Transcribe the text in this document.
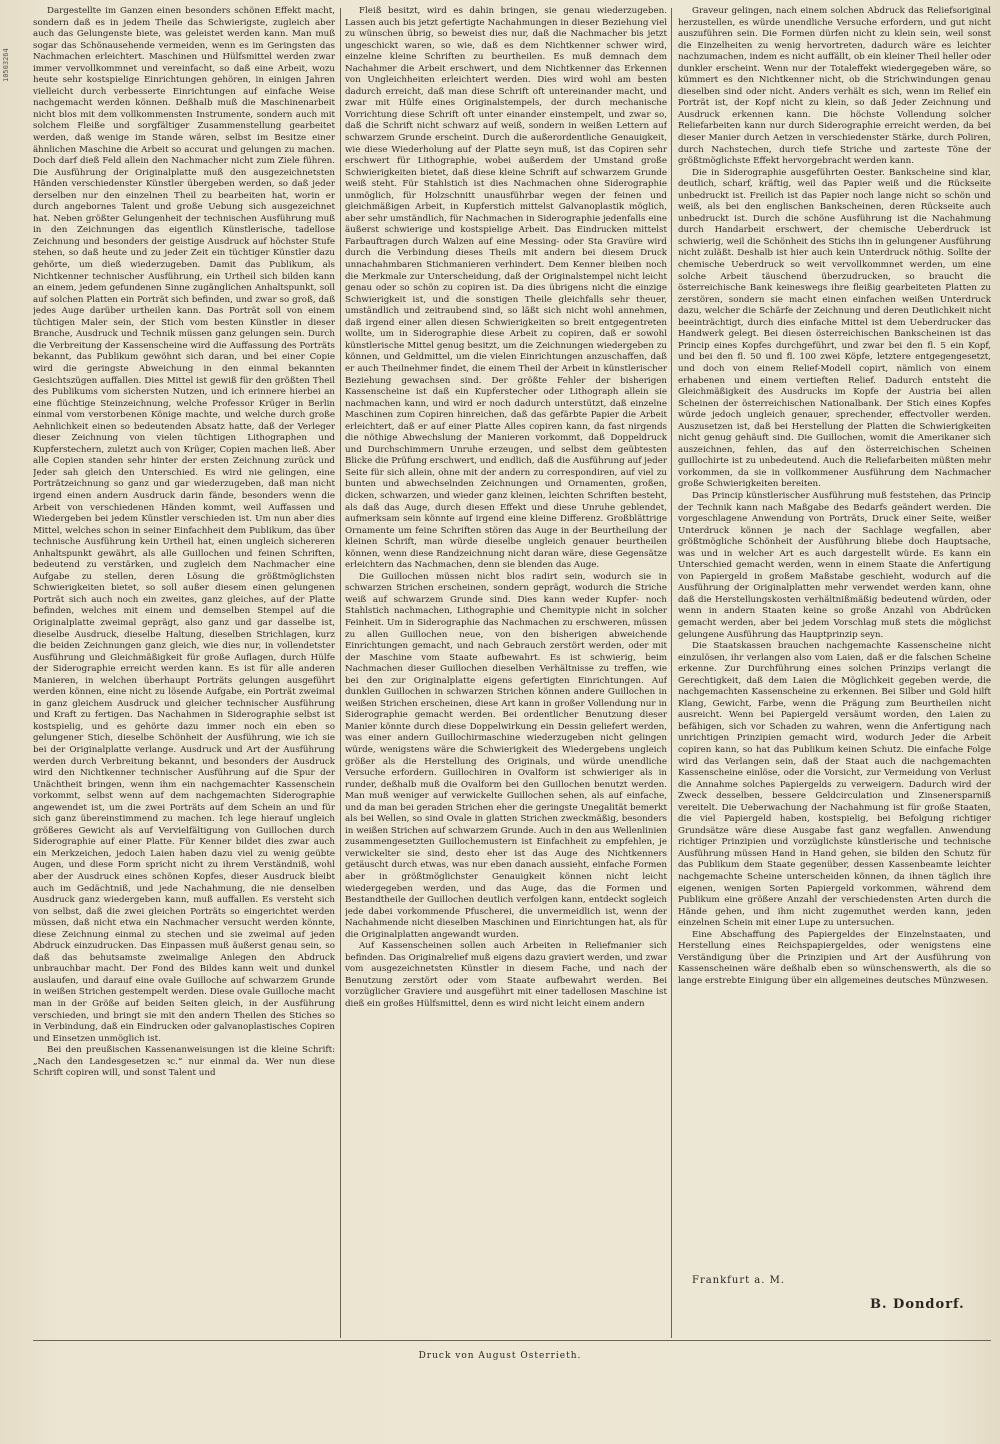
10503264

Dargestellte im Ganzen einen besonders schönen Effekt macht, sondern daß es in jedem Theile das Schwierigste, zugleich aber auch das Gelungenste biete, was geleistet werden kann. Man muß sogar das Schönausehende vermeiden, wenn es im Geringsten das Nachmachen erleichtert. Maschinen und Hülfsmittel werden zwar immer vervollkommnet und vereinfacht, so daß eine Arbeit, wozu heute sehr kostspielige Einrichtungen gehören, in einigen Jahren vielleicht durch verbesserte Einrichtungen auf einfache Weise nachgemacht werden können. Deßhalb muß die Maschinenarbeit nicht blos mit dem vollkommensten Instrumente, sondern auch mit solchem Fleiße und sorgfältiger Zusammenstellung gearbeitet werden, daß wenige im Stande wären, selbst im Besitze einer ähnlichen Maschine die Arbeit so accurat und gelungen zu machen. Doch darf dieß Feld allein den Nachmacher nicht zum Ziele führen. Die Ausführung der Originalplatte muß den ausgezeichnetsten Händen verschiedenster Künstler übergeben werden, so daß jeder derselben nur den einzelnen Theil zu bearbeiten hat, worin er durch angebornes Talent und große Uebung sich ausgezeichnet hat. Neben größter Gelungenheit der technischen Ausführung muß in den Zeichnungen das eigentlich Künstlerische, tadellose Zeichnung und besonders der geistige Ausdruck auf höchster Stufe stehen, so daß heute und zu jeder Zeit ein tüchtiger Künstler dazu gehörte, um dieß wiederzugeben. Damit das Publikum, als Nichtkenner technischer Ausführung, ein Urtheil sich bilden kann an einem, jedem gefundenen Sinne zugänglichen Anhaltspunkt, soll auf solchen Platten ein Porträt sich befinden, und zwar so groß, daß jedes Auge darüber urtheilen kann. Das Porträt soll von einem tüchtigen Maler sein, der Stich vom besten Künstler in dieser Branche, Ausdruck und Technik müssen ganz gelungen sein. Durch die Verbreitung der Kassenscheine wird die Auffassung des Porträts bekannt, das Publikum gewöhnt sich daran, und bei einer Copie wird die geringste Abweichung in den einmal bekannten Gesichtszügen auffallen. Dies Mittel ist gewiß für den größten Theil des Publikums vom sichersten Nutzen, und ich erinnere hierbei an eine flüchtige Steinzeichnung, welche Professor Krüger in Berlin einmal vom verstorbenen Könige machte, und welche durch große Aehnlichkeit einen so bedeutenden Absatz hatte, daß der Verleger dieser Zeichnung von vielen tüchtigen Lithographen und Kupferstechern, zuletzt auch von Krüger, Copien machen ließ. Aber alle Copien standen sehr hinter der ersten Zeichnung zurück und Jeder sah gleich den Unterschied. Es wird nie gelingen, eine Porträtzeichnung so ganz und gar wiederzugeben, daß man nicht irgend einen andern Ausdruck darin fände, besonders wenn die Arbeit von verschiedenen Händen kommt, weil Auffassen und Wiedergeben bei jedem Künstler verschieden ist. Um nun aber dies Mittel, welches schon in seiner Einfachheit dem Publikum, das über technische Ausführung kein Urtheil hat, einen ungleich sichereren Anhaltspunkt gewährt, als alle Guillochen und feinen Schriften, bedeutend zu verstärken, und zugleich dem Nachmacher eine Aufgabe zu stellen, deren Lösung die größtmöglichsten Schwierigkeiten bietet, so soll außer diesem einen gelungenen Porträt sich auch noch ein zweites, ganz gleiches, auf der Platte befinden, welches mit einem und demselben Stempel auf die Originalplatte zweimal geprägt, also ganz und gar dasselbe ist, dieselbe Ausdruck, dieselbe Haltung, dieselben Strichlagen, kurz die beiden Zeichnungen ganz gleich, wie dies nur, in vollendetster Ausführung und Gleichmäßigkeit für große Auflagen, durch Hülfe der Siderographie erreicht werden kann. Es ist für alle anderen Manieren, in welchen überhaupt Porträts gelungen ausgeführt werden können, eine nicht zu lösende Aufgabe, ein Porträt zweimal in ganz gleichem Ausdruck und gleicher technischer Ausführung und Kraft zu fertigen. Das Nachahmen in Siderographie selbst ist kostspielig, und es gehörte dazu immer noch ein eben so gelungener Stich, dieselbe Schönheit der Ausführung, wie ich sie bei der Originalplatte verlange. Ausdruck und Art der Ausführung werden durch Verbreitung bekannt, und besonders der Ausdruck wird den Nichtkenner technischer Ausführung auf die Spur der Unächtheit bringen, wenn ihm ein nachgemachter Kassenschein vorkommt, selbst wenn auf dem nachgemachten Siderographie angewendet ist, um die zwei Porträts auf dem Schein an und für sich ganz übereinstimmend zu machen. Ich lege hierauf ungleich größeres Gewicht als auf Vervielfältigung von Guillochen durch Siderographie auf einer Platte. Für Kenner bildet dies zwar auch ein Merkzeichen, jedoch Laien haben dazu viel zu wenig geübte Augen, und diese Form spricht nicht zu ihrem Verständniß, wohl aber der Ausdruck eines schönen Kopfes, dieser Ausdruck bleibt auch im Gedächtniß, und jede Nachahmung, die nie denselben Ausdruck ganz wiedergeben kann, muß auffallen. Es versteht sich von selbst, daß die zwei gleichen Porträts so eingerichtet werden müssen, daß nicht etwa ein Nachmacher versucht werden könnte, diese Zeichnung einmal zu stechen und sie zweimal auf jeden Abdruck einzudrucken. Das Einpassen muß äußerst genau sein, so daß das behutsamste zweimalige Anlegen den Abdruck unbrauchbar macht. Der Fond des Bildes kann weit und dunkel auslaufen, und darauf eine ovale Guilloche auf schwarzem Grunde in weißen Strichen gestempelt werden. Diese ovale Guilloche macht man in der Größe auf beiden Seiten gleich, in der Ausführung verschieden, und bringt sie mit den andern Theilen des Stiches so in Verbindung, daß ein Eindrucken oder galvanoplastisches Copiren und Einsetzen unmöglich ist.

Bei den preußischen Kassenanweisungen ist die kleine Schrift: „Nach den Landesgesetzen ꝛc.“ nur einmal da. Wer nun diese Schrift copiren will, und sonst Talent und

Fleiß besitzt, wird es dahin bringen, sie genau wiederzugeben. Lassen auch bis jetzt gefertigte Nachahmungen in dieser Beziehung viel zu wünschen übrig, so beweist dies nur, daß die Nachmacher bis jetzt ungeschickt waren, so wie, daß es dem Nichtkenner schwer wird, einzelne kleine Schriften zu beurtheilen. Es muß demnach dem Nachahmer die Arbeit erschwert, und dem Nichtkenner das Erkennen von Ungleichheiten erleichtert werden. Dies wird wohl am besten dadurch erreicht, daß man diese Schrift oft untereinander macht, und zwar mit Hülfe eines Originalstempels, der durch mechanische Vorrichtung diese Schrift oft unter einander einstempelt, und zwar so, daß die Schrift nicht schwarz auf weiß, sondern in weißen Lettern auf schwarzem Grunde erscheint. Durch die außerordentliche Genauigkeit, wie diese Wiederholung auf der Platte seyn muß, ist das Copiren sehr erschwert für Lithographie, wobei außerdem der Umstand große Schwierigkeiten bietet, daß diese kleine Schrift auf schwarzem Grunde weiß steht. Für Stahlstich ist dies Nachmachen ohne Siderographie unmöglich, für Holzschnitt unausführbar wegen der feinen und gleichmäßigen Arbeit, in Kupferstich mittelst Galvanoplastik möglich, aber sehr umständlich, für Nachmachen in Siderographie jedenfalls eine äußerst schwierige und kostspielige Arbeit. Das Eindrucken mittelst Farbauftragen durch Walzen auf eine Messing- oder Sta Gravüre wird durch die Verbindung dieses Theils mit andern bei diesem Druck unnachahmbaren Stichmanieren verhindert. Dem Kenner bleiben noch die Merkmale zur Unterscheidung, daß der Originalstempel nicht leicht genau oder so schön zu copiren ist. Da dies übrigens nicht die einzige Schwierigkeit ist, und die sonstigen Theile gleichfalls sehr theuer, umständlich und zeitraubend sind, so läßt sich nicht wohl annehmen, daß irgend einer allen diesen Schwierigkeiten so breit entgegentreten wollte, um in Siderographie diese Arbeit zu copiren, daß er sowohl künstlerische Mittel genug besitzt, um die Zeichnungen wiedergeben zu können, und Geldmittel, um die vielen Einrichtungen anzuschaffen, daß er auch Theilnehmer findet, die einem Theil der Arbeit in künstlerischer Beziehung gewachsen sind. Der größte Fehler der bisherigen Kassenscheine ist daß ein Kupferstecher oder Lithograph allein sie nachmachen kann, und wird er noch dadurch unterstützt, daß einzelne Maschinen zum Copiren hinreichen, daß das gefärbte Papier die Arbeit erleichtert, daß er auf einer Platte Alles copiren kann, da fast nirgends die nöthige Abwechslung der Manieren vorkommt, daß Doppeldruck und Durchschimmern Unruhe erzeugen, und selbst dem geübtesten Blicke die Prüfung erschwert, und endlich, daß die Ausführung auf jeder Seite für sich allein, ohne mit der andern zu correspondiren, auf viel zu bunten und abwechselnden Zeichnungen und Ornamenten, großen, dicken, schwarzen, und wieder ganz kleinen, leichten Schriften besteht, als daß das Auge, durch diesen Effekt und diese Unruhe geblendet, aufmerksam sein könnte auf irgend eine kleine Differenz. Großblättrige Ornamente um feine Schriften stören das Auge in der Beurtheilung der kleinen Schrift, man würde dieselbe ungleich genauer beurtheilen können, wenn diese Randzeichnung nicht daran wäre, diese Gegensätze erleichtern das Nachmachen, denn sie blenden das Auge.

Die Guillochen müssen nicht blos radirt sein, wodurch sie in schwarzen Strichen erscheinen, sondern geprägt, wodurch die Striche weiß auf schwarzem Grunde sind. Dies kann weder Kupfer- noch Stahlstich nachmachen, Lithographie und Chemitypie nicht in solcher Feinheit. Um in Siderographie das Nachmachen zu erschweren, müssen zu allen Guillochen neue, von den bisherigen abweichende Einrichtungen gemacht, und nach Gebrauch zerstört werden, oder mit der Maschine vom Staate aufbewahrt. Es ist schwierig, beim Nachmachen dieser Guillochen dieselben Verhältnisse zu treffen, wie bei den zur Originalplatte eigens gefertigten Einrichtungen. Auf dunklen Guillochen in schwarzen Strichen können andere Guillochen in weißen Strichen erscheinen, diese Art kann in großer Vollendung nur in Siderographie gemacht werden. Bei ordentlicher Benutzung dieser Manier könnte durch diese Doppelwirkung ein Dessin geliefert werden, was einer andern Guillochirmaschine wiederzugeben nicht gelingen würde, wenigstens wäre die Schwierigkeit des Wiedergebens ungleich größer als die Herstellung des Originals, und würde unendliche Versuche erfordern. Guillochiren in Ovalform ist schwieriger als in runder, deßhalb muß die Ovalform bei den Guillochen benutzt werden. Man muß weniger auf verwickelte Guillochen sehen, als auf einfache, und da man bei geraden Strichen eher die geringste Unegalität bemerkt als bei Wellen, so sind Ovale in glatten Strichen zweckmäßig, besonders in weißen Strichen auf schwarzem Grunde. Auch in den aus Wellenlinien zusammengesetzten Guillochemustern ist Einfachheit zu empfehlen, je verwickelter sie sind, desto eher ist das Auge des Nichtkenners getäuscht durch etwas, was nur eben danach aussieht, einfache Formen aber in größtmöglichster Genauigkeit können nicht leicht wiedergegeben werden, und das Auge, das die Formen und Bestandtheile der Guillochen deutlich verfolgen kann, entdeckt sogleich jede dabei vorkommende Pfuscherei, die unvermeidlich ist, wenn der Nachahmende nicht dieselben Maschinen und Einrichtungen hat, als für die Originalplatten angewandt wurden.

Auf Kassenscheinen sollen auch Arbeiten in Reliefmanier sich befinden. Das Originalrelief muß eigens dazu graviert werden, und zwar vom ausgezeichnetsten Künstler in diesem Fache, und nach der Benutzung zerstört oder vom Staate aufbewahrt werden. Bei vorzüglicher Graviere und ausgeführt mit einer tadellosen Maschine ist dieß ein großes Hülfsmittel, denn es wird nicht leicht einem andern

Graveur gelingen, nach einem solchen Abdruck das Reliefsoriginal herzustellen, es würde unendliche Versuche erfordern, und gut nicht auszuführen sein. Die Formen dürfen nicht zu klein sein, weil sonst die Einzelheiten zu wenig hervortreten, dadurch wäre es leichter nachzumachen, indem es nicht auffällt, ob ein kleiner Theil heller oder dunkler erscheint. Wenn nur der Totaleffekt wiedergegeben wäre, so kümmert es den Nichtkenner nicht, ob die Strichwindungen genau dieselben sind oder nicht. Anders verhält es sich, wenn im Relief ein Porträt ist, der Kopf nicht zu klein, so daß Jeder Zeichnung und Ausdruck erkennen kann. Die höchste Vollendung solcher Reliefarbeiten kann nur durch Siderographie erreicht werden, da bei dieser Manier durch Aetzen in verschiedenster Stärke, durch Poliren, durch Nachstechen, durch tiefe Striche und zarteste Töne der größtmöglichste Effekt hervorgebracht werden kann.

Die in Siderographie ausgeführten Oester. Bankscheine sind klar, deutlich, scharf, kräftig, weil das Papier weiß und die Rückseite unbedruckt ist. Freilich ist das Papier noch lange nicht so schön und weiß, als bei den englischen Bankscheinen, deren Rückseite auch unbedruckt ist. Durch die schöne Ausführung ist die Nachahmung durch Handarbeit erschwert, der chemische Ueberdruck ist schwierig, weil die Schönheit des Stichs ihn in gelungener Ausführung nicht zuläßt. Deshalb ist hier auch kein Unterdruck nöthig. Sollte der chemische Ueberdruck so weit vervollkommnet werden, um eine solche Arbeit täuschend überzudrucken, so braucht die österreichische Bank keineswegs ihre fleißig gearbeiteten Platten zu zerstören, sondern sie macht einen einfachen weißen Unterdruck dazu, welcher die Schärfe der Zeichnung und deren Deutlichkeit nicht beeinträchtigt, durch dies einfache Mittel ist dem Ueberdrucker das Handwerk gelegt. Bei diesen österreichischen Bankscheinen ist das Princip eines Kopfes durchgeführt, und zwar bei den fl. 5 ein Kopf, und bei den fl. 50 und fl. 100 zwei Köpfe, letztere entgegengesetzt, und doch von einem Relief-Modell copirt, nämlich von einem erhabenen und einem vertieften Relief. Dadurch entsteht die Gleichmäßigkeit des Ausdrucks im Kopfe der Austria bei allen Scheinen der österreichischen Nationalbank. Der Stich eines Kopfes würde jedoch ungleich genauer, sprechender, effectvoller werden. Auszusetzen ist, daß bei Herstellung der Platten die Schwierigkeiten nicht genug gehäuft sind. Die Guillochen, womit die Amerikaner sich auszeichnen, fehlen, das auf den österreichischen Scheinen guillochirte ist zu unbedeutend. Auch die Reliefarbeiten müßten mehr vorkommen, da sie in vollkommener Ausführung dem Nachmacher große Schwierigkeiten bereiten.

Das Princip künstlerischer Ausführung muß feststehen, das Princip der Technik kann nach Maßgabe des Bedarfs geändert werden. Die vorgeschlagene Anwendung von Porträts, Druck einer Seite, weißer Unterdruck können je nach der Sachlage wegfallen, aber größtmögliche Schönheit der Ausführung bliebe doch Hauptsache, was und in welcher Art es auch dargestellt würde. Es kann ein Unterschied gemacht werden, wenn in einem Staate die Anfertigung von Papiergeld in großem Maßstabe geschieht, wodurch auf die Ausführung der Originalplatten mehr verwendet werden kann, ohne daß die Herstellungskosten verhältnißmäßig bedeutend würden, oder wenn in andern Staaten keine so große Anzahl von Abdrücken gemacht werden, aber bei jedem Vorschlag muß stets die möglichst gelungene Ausführung das Hauptprinzip seyn.

Die Staatskassen brauchen nachgemachte Kassenscheine nicht einzulösen, ihr verlangen also vom Laien, daß er die falschen Scheine erkenne. Zur Durchführung eines solchen Prinzips verlangt die Gerechtigkeit, daß dem Laien die Möglichkeit gegeben werde, die nachgemachten Kassenscheine zu erkennen. Bei Silber und Gold hilft Klang, Gewicht, Farbe, wenn die Prägung zum Beurtheilen nicht ausreicht. Wenn bei Papiergeld versäumt worden, den Laien zu befähigen, sich vor Schaden zu wahren, wenn die Anfertigung nach unrichtigen Prinzipien gemacht wird, wodurch Jeder die Arbeit copiren kann, so hat das Publikum keinen Schutz. Die einfache Folge wird das Verlangen sein, daß der Staat auch die nachgemachten Kassenscheine einlöse, oder die Vorsicht, zur Vermeidung von Verlust die Annahme solches Papiergelds zu verweigern. Dadurch wird der Zweck desselben, bessere Geldcirculation und Zinsenersparniß vereitelt. Die Ueberwachung der Nachahmung ist für große Staaten, die viel Papiergeld haben, kostspielig, bei Befolgung richtiger Grundsätze wäre diese Ausgabe fast ganz wegfallen. Anwendung richtiger Prinzipien und vorzüglichste künstlerische und technische Ausführung müssen Hand in Hand gehen, sie bilden den Schutz für das Publikum dem Staate gegenüber, dessen Kassenbeamte leichter nachgemachte Scheine unterscheiden können, da ihnen täglich ihre eigenen, wenigen Sorten Papiergeld vorkommen, während dem Publikum eine größere Anzahl der verschiedensten Arten durch die Hände gehen, und ihm nicht zugemuthet werden kann, jeden einzelnen Schein mit einer Lupe zu untersuchen.

Eine Abschaffung des Papiergeldes der Einzelnstaaten, und Herstellung eines Reichspapiergeldes, oder wenigstens eine Verständigung über die Prinzipien und Art der Ausführung von Kassenscheinen wäre deßhalb eben so wünschenswerth, als die so lange erstrebte Einigung über ein allgemeines deutsches Münzwesen.

Frankfurt a. M.
B. Dondorf.
Druck von August Osterrieth.
